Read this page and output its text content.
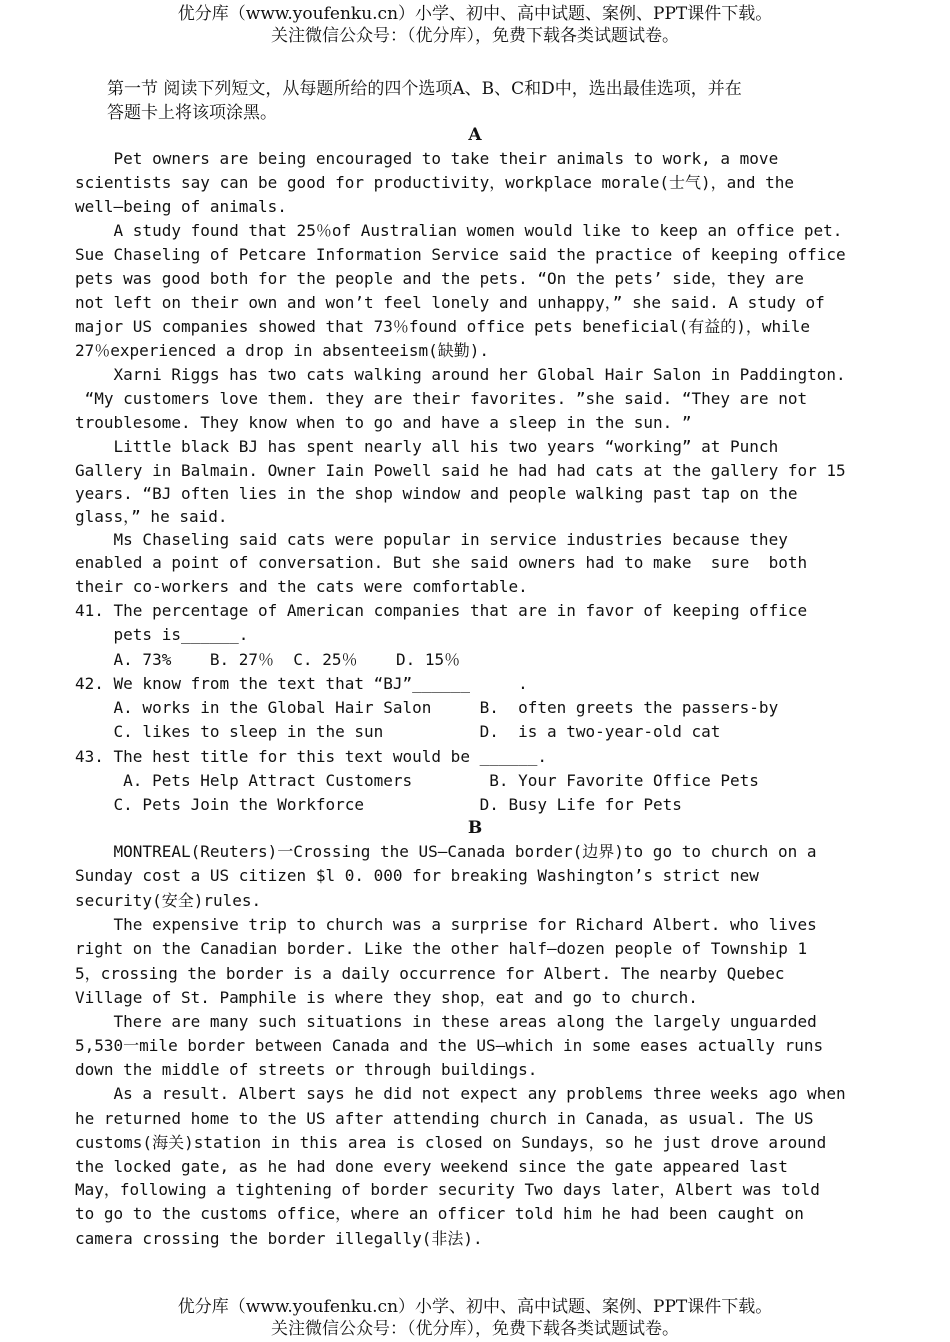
优分库（www.youfenku.cn）小学、初中、高中试题、案例、PPT课件下载。
关注微信公众号：（优分库），免费下载各类试题试卷。
第一节 阅读下列短文，从每题所给的四个选项A、B、C和D中，选出最佳选项，并在
答题卡上将该项涂黑。
A
Pet owners are being encouraged to take their animals to work, a move
scientists say can be good for productivity，workplace morale(士气)，and the
well—being of animals.
A study found that 25％of Australian women would like to keep an office pet.
Sue Chaseling of Petcare Information Service said the practice of keeping office
pets was good both for the people and the pets. “On the pets’ side，they are
not left on their own and won’t feel lonely and unhappy，” she said. A study of
major US companies showed that 73％found office pets beneficial(有益的)，while
27％experienced a drop in absenteeism(缺勤).
Xarni Riggs has two cats walking around her Global Hair Salon in Paddington.
“My customers love them. they are their favorites. ”she said. “They are not
troublesome. They know when to go and have a sleep in the sun. ”
Little black BJ has spent nearly all his two years “working” at Punch
Gallery in Balmain. Owner Iain Powell said he had had cats at the gallery for 15
years. “BJ often lies in the shop window and people walking past tap on the
glass，” he said.
Ms Chaseling said cats were popular in service industries because they
enabled a point of conversation. But she said owners had to make  sure  both
their co-workers and the cats were comfortable.
41. The percentage of American companies that are in favor of keeping office
pets is______.
A. 73%    B. 27％  C. 25％    D. 15％
42. We know from the text that “BJ”______     .
A. works in the Global Hair Salon     B.  often greets the passers-by
C. likes to sleep in the sun          D.  is a two-year-old cat
43. The hest title for this text would be ______.
A. Pets Help Attract Customers        B. Your Favorite Office Pets
C. Pets Join the Workforce            D. Busy Life for Pets
B
MONTREAL(Reuters)一Crossing the US—Canada border(边界)to go to church on a
Sunday cost a US citizen $l 0. 000 for breaking Washington’s strict new
security(安全)rules.
The expensive trip to church was a surprise for Richard Albert. who lives
right on the Canadian border. Like the other half—dozen people of Township 1
5，crossing the border is a daily occurrence for Albert. The nearby Quebec
Village of St. Pamphile is where they shop，eat and go to church.
There are many such situations in these areas along the largely unguarded
5,530一mile border between Canada and the US—which in some eases actually runs
down the middle of streets or through buildings.
As a result. Albert says he did not expect any problems three weeks ago when
he returned home to the US after attending church in Canada，as usual. The US
customs(海关)station in this area is closed on Sundays，so he just drove around
the locked gate, as he had done every weekend since the gate appeared last
May，following a tightening of border security Two days later，Albert was told
to go to the customs office，where an officer told him he had been caught on
camera crossing the border illegally(非法).
优分库（www.youfenku.cn）小学、初中、高中试题、案例、PPT课件下载。
关注微信公众号：（优分库），免费下载各类试题试卷。
